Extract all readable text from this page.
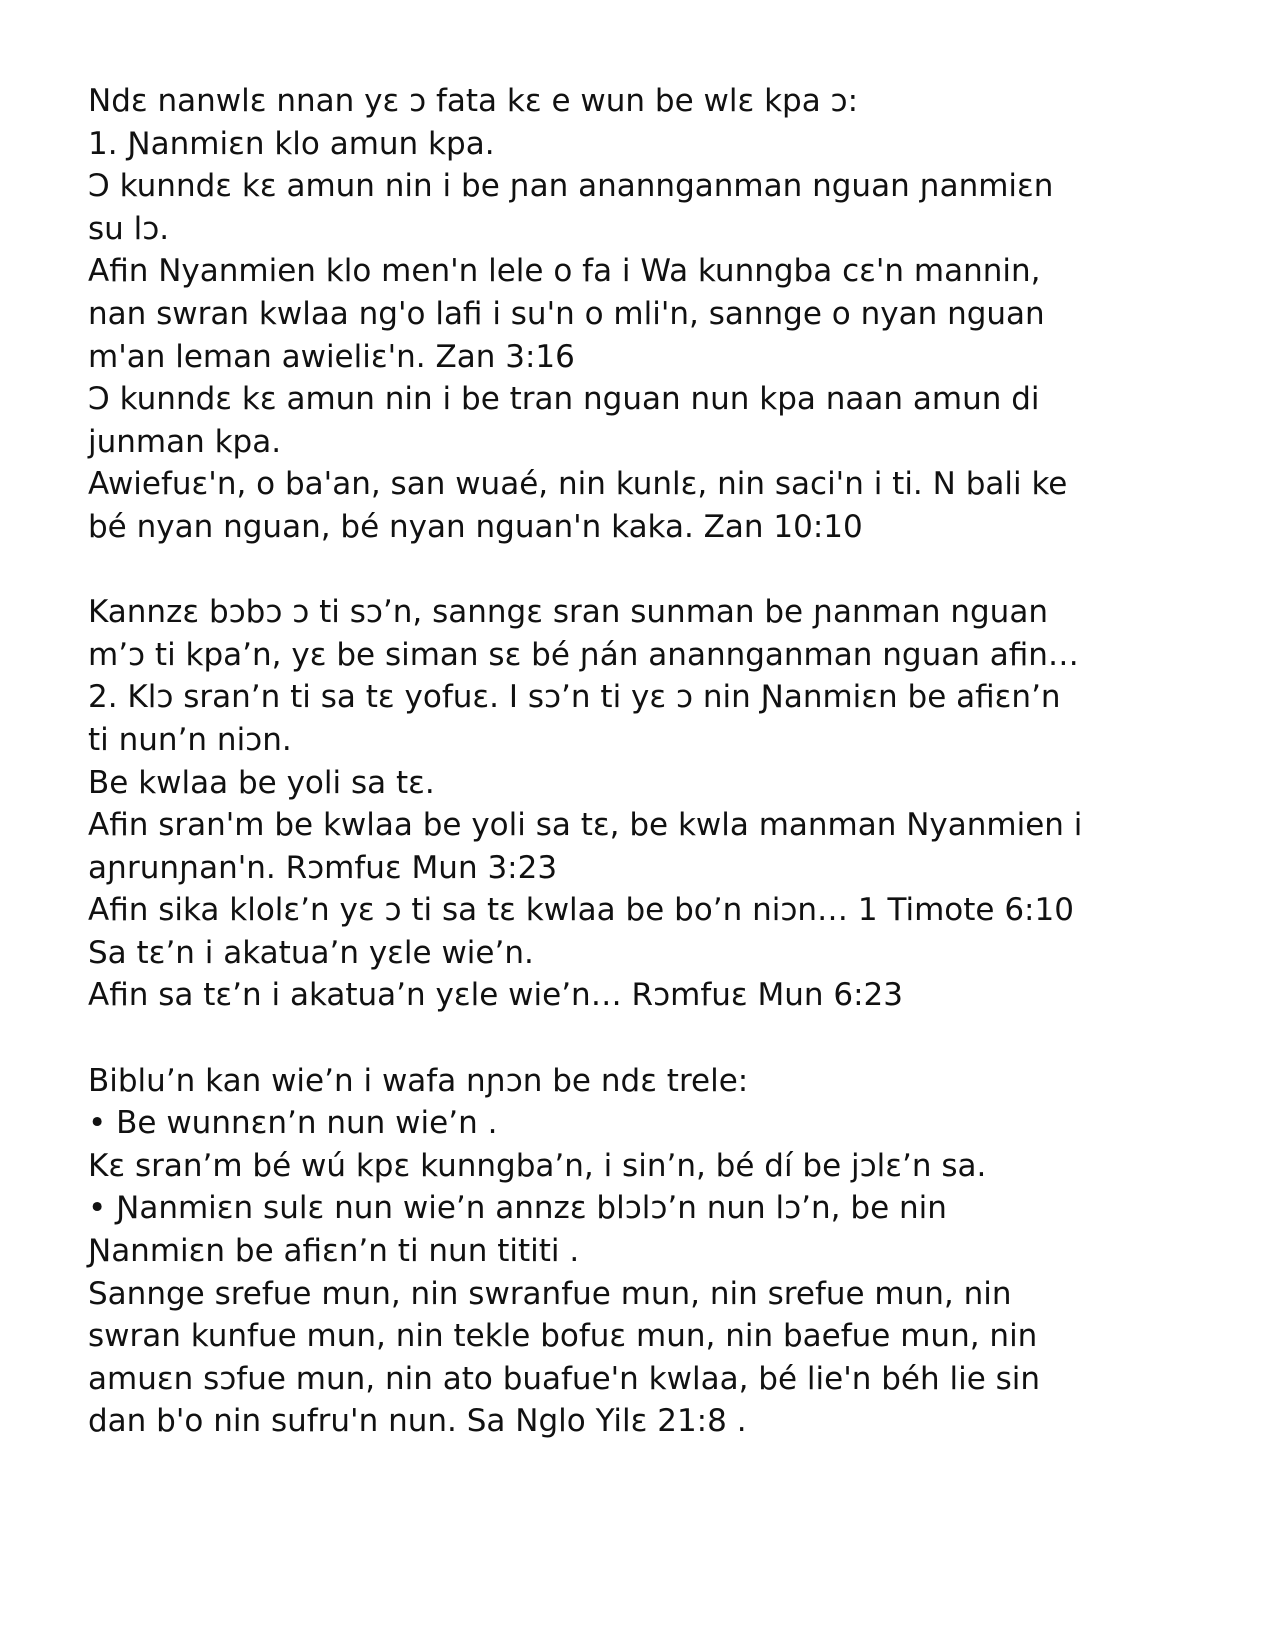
Ndɛ nanwlɛ nnan yɛ ɔ fata kɛ e wun be wlɛ kpa ɔ:
1. Ɲanmiɛn klo amun kpa.
Ɔ kunndɛ kɛ amun nin i be ɲan anannganman nguan ɲanmiɛn
su lɔ.
Afin Nyanmien klo men'n lele o fa i Wa kunngba cɛ'n mannin,
nan swran kwlaa ng'o lafi i su'n o mli'n, sannge o nyan nguan
m'an leman awieliɛ'n. Zan 3:16
Ɔ kunndɛ kɛ amun nin i be tran nguan nun kpa naan amun di
junman kpa.
Awiefuɛ'n, o ba'an, san wuaé, nin kunlɛ, nin saci'n i ti. N bali ke
bé nyan nguan, bé nyan nguan'n kaka. Zan 10:10
Kannzɛ bɔbɔ ɔ ti sɔ’n, sanngɛ sran sunman be ɲanman nguan
m’ɔ ti kpa’n, yɛ be siman sɛ bé ɲán anannganman nguan afin…
2. Klɔ sran’n ti sa tɛ yofuɛ. I sɔ’n ti yɛ ɔ nin Ɲanmiɛn be afiɛn’n
ti nun’n niɔn.
Be kwlaa be yoli sa tɛ.
Afin sran'm be kwlaa be yoli sa tɛ, be kwla manman Nyanmien i
aɲrunɲan'n. Rɔmfuɛ Mun 3:23
Afin sika klolɛ’n yɛ ɔ ti sa tɛ kwlaa be bo’n niɔn… 1 Timote 6:10
Sa tɛ’n i akatua’n yɛle wie’n.
Afin sa tɛ’n i akatua’n yɛle wie’n… Rɔmfuɛ Mun 6:23
Biblu’n kan wie’n i wafa nɲɔn be ndɛ trele:
• Be wunnɛn’n nun wie’n .
Kɛ sran’m bé wú kpɛ kunngba’n, i sin’n, bé dí be jɔlɛ’n sa.
• Ɲanmiɛn sulɛ nun wie’n annzɛ blɔlɔ’n nun lɔ’n, be nin
Ɲanmiɛn be afiɛn’n ti nun tititi .
Sannge srefue mun, nin swranfue mun, nin srefue mun, nin
swran kunfue mun, nin tekle bofuɛ mun, nin baefue mun, nin
amuɛn sɔfue mun, nin ato buafue'n kwlaa, bé lie'n béh lie sin
dan b'o nin sufru'n nun. Sa Nglo Yilɛ 21:8 .
